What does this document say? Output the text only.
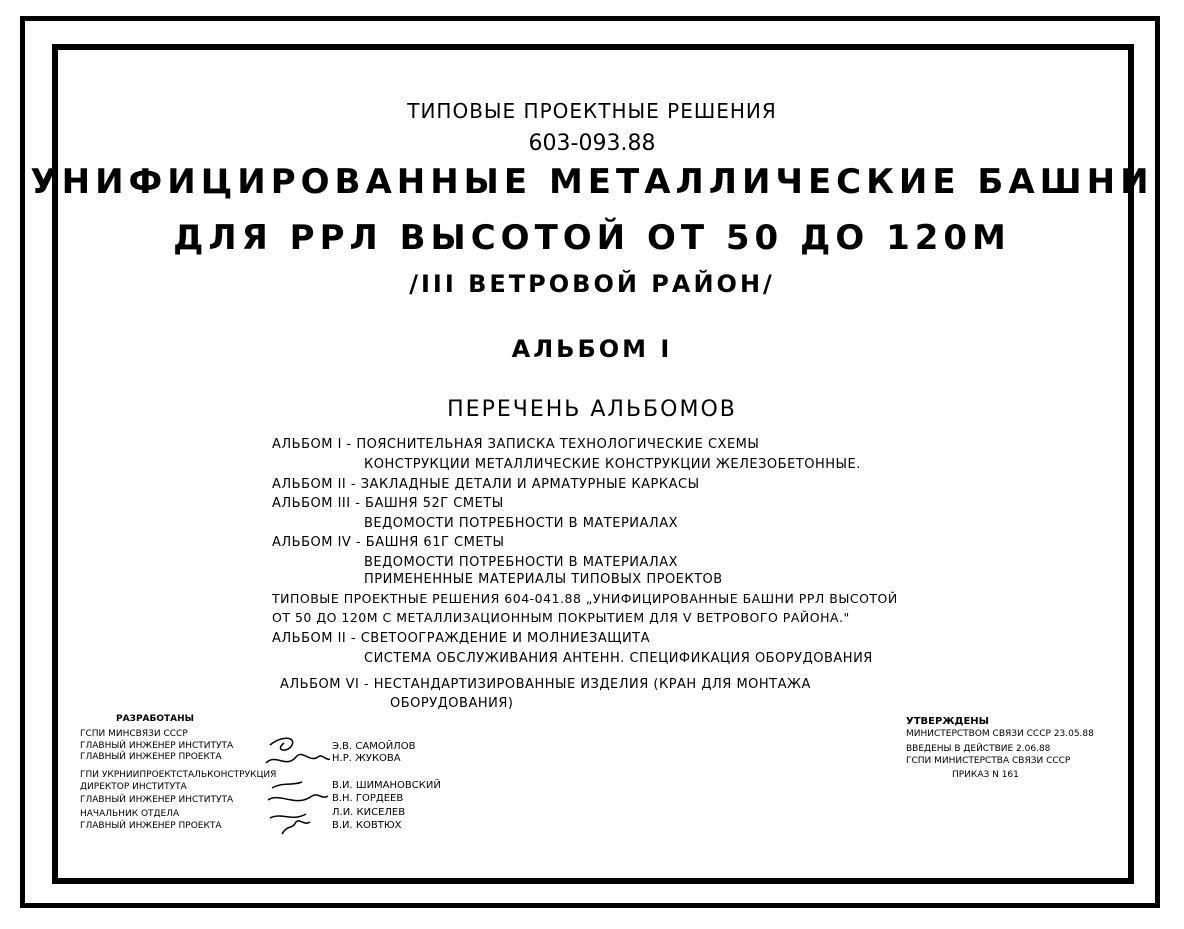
ТИПОВЫЕ ПРОЕКТНЫЕ РЕШЕНИЯ
603-093.88
УНИФИЦИРОВАННЫЕ МЕТАЛЛИЧЕСКИЕ БАШНИ
ДЛЯ РРЛ ВЫСОТОЙ ОТ 50 ДО 120М
/III ВЕТРОВОЙ РАЙОН/
АЛЬБОМ I
ПЕРЕЧЕНЬ АЛЬБОМОВ
АЛЬБОМ I - ПОЯСНИТЕЛЬНАЯ ЗАПИСКА ТЕХНОЛОГИЧЕСКИЕ СХЕМЫ
КОНСТРУКЦИИ МЕТАЛЛИЧЕСКИЕ КОНСТРУКЦИИ ЖЕЛЕЗОБЕТОННЫЕ.
АЛЬБОМ II - ЗАКЛАДНЫЕ ДЕТАЛИ И АРМАТУРНЫЕ КАРКАСЫ
АЛЬБОМ III - БАШНЯ 52Г СМЕТЫ
ВЕДОМОСТИ ПОТРЕБНОСТИ В МАТЕРИАЛАХ
АЛЬБОМ IV - БАШНЯ 61Г СМЕТЫ
ВЕДОМОСТИ ПОТРЕБНОСТИ В МАТЕРИАЛАХ
ПРИМЕНЕННЫЕ МАТЕРИАЛЫ ТИПОВЫХ ПРОЕКТОВ
ТИПОВЫЕ ПРОЕКТНЫЕ РЕШЕНИЯ 604-041.88 „УНИФИЦИРОВАННЫЕ БАШНИ РРЛ ВЫСОТОЙ
ОТ 50 ДО 120М С МЕТАЛЛИЗАЦИОННЫМ ПОКРЫТИЕМ ДЛЯ V ВЕТРОВОГО РАЙОНА."
АЛЬБОМ II - СВЕТООГРАЖДЕНИЕ И МОЛНИЕЗАЩИТА
СИСТЕМА ОБСЛУЖИВАНИЯ АНТЕНН. СПЕЦИФИКАЦИЯ ОБОРУДОВАНИЯ
АЛЬБОМ VI - НЕСТАНДАРТИЗИРОВАННЫЕ ИЗДЕЛИЯ (КРАН ДЛЯ МОНТАЖА
ОБОРУДОВАНИЯ)
РАЗРАБОТАНЫ
ГСПИ МИНСВЯЗИ СССР
ГЛАВНЫЙ ИНЖЕНЕР ИНСТИТУТА
ГЛАВНЫЙ ИНЖЕНЕР ПРОЕКТА
Э.В. САМОЙЛОВ
Н.Р. ЖУКОВА
ГПИ УКРНИИПРОЕКТСТАЛЬКОНСТРУКЦИЯ
ДИРЕКТОР ИНСТИТУТА
ГЛАВНЫЙ ИНЖЕНЕР ИНСТИТУТА
НАЧАЛЬНИК ОТДЕЛА
ГЛАВНЫЙ ИНЖЕНЕР ПРОЕКТА
В.И. ШИМАНОВСКИЙ
В.Н. ГОРДЕЕВ
Л.И. КИСЕЛЕВ
В.И. КОВТЮХ
УТВЕРЖДЕНЫ
МИНИСТЕРСТВОМ СВЯЗИ СССР 23.05.88
ВВЕДЕНЫ В ДЕЙСТВИЕ 2.06.88
ГСПИ МИНИСТЕРСТВА СВЯЗИ СССР
ПРИКАЗ N 161
